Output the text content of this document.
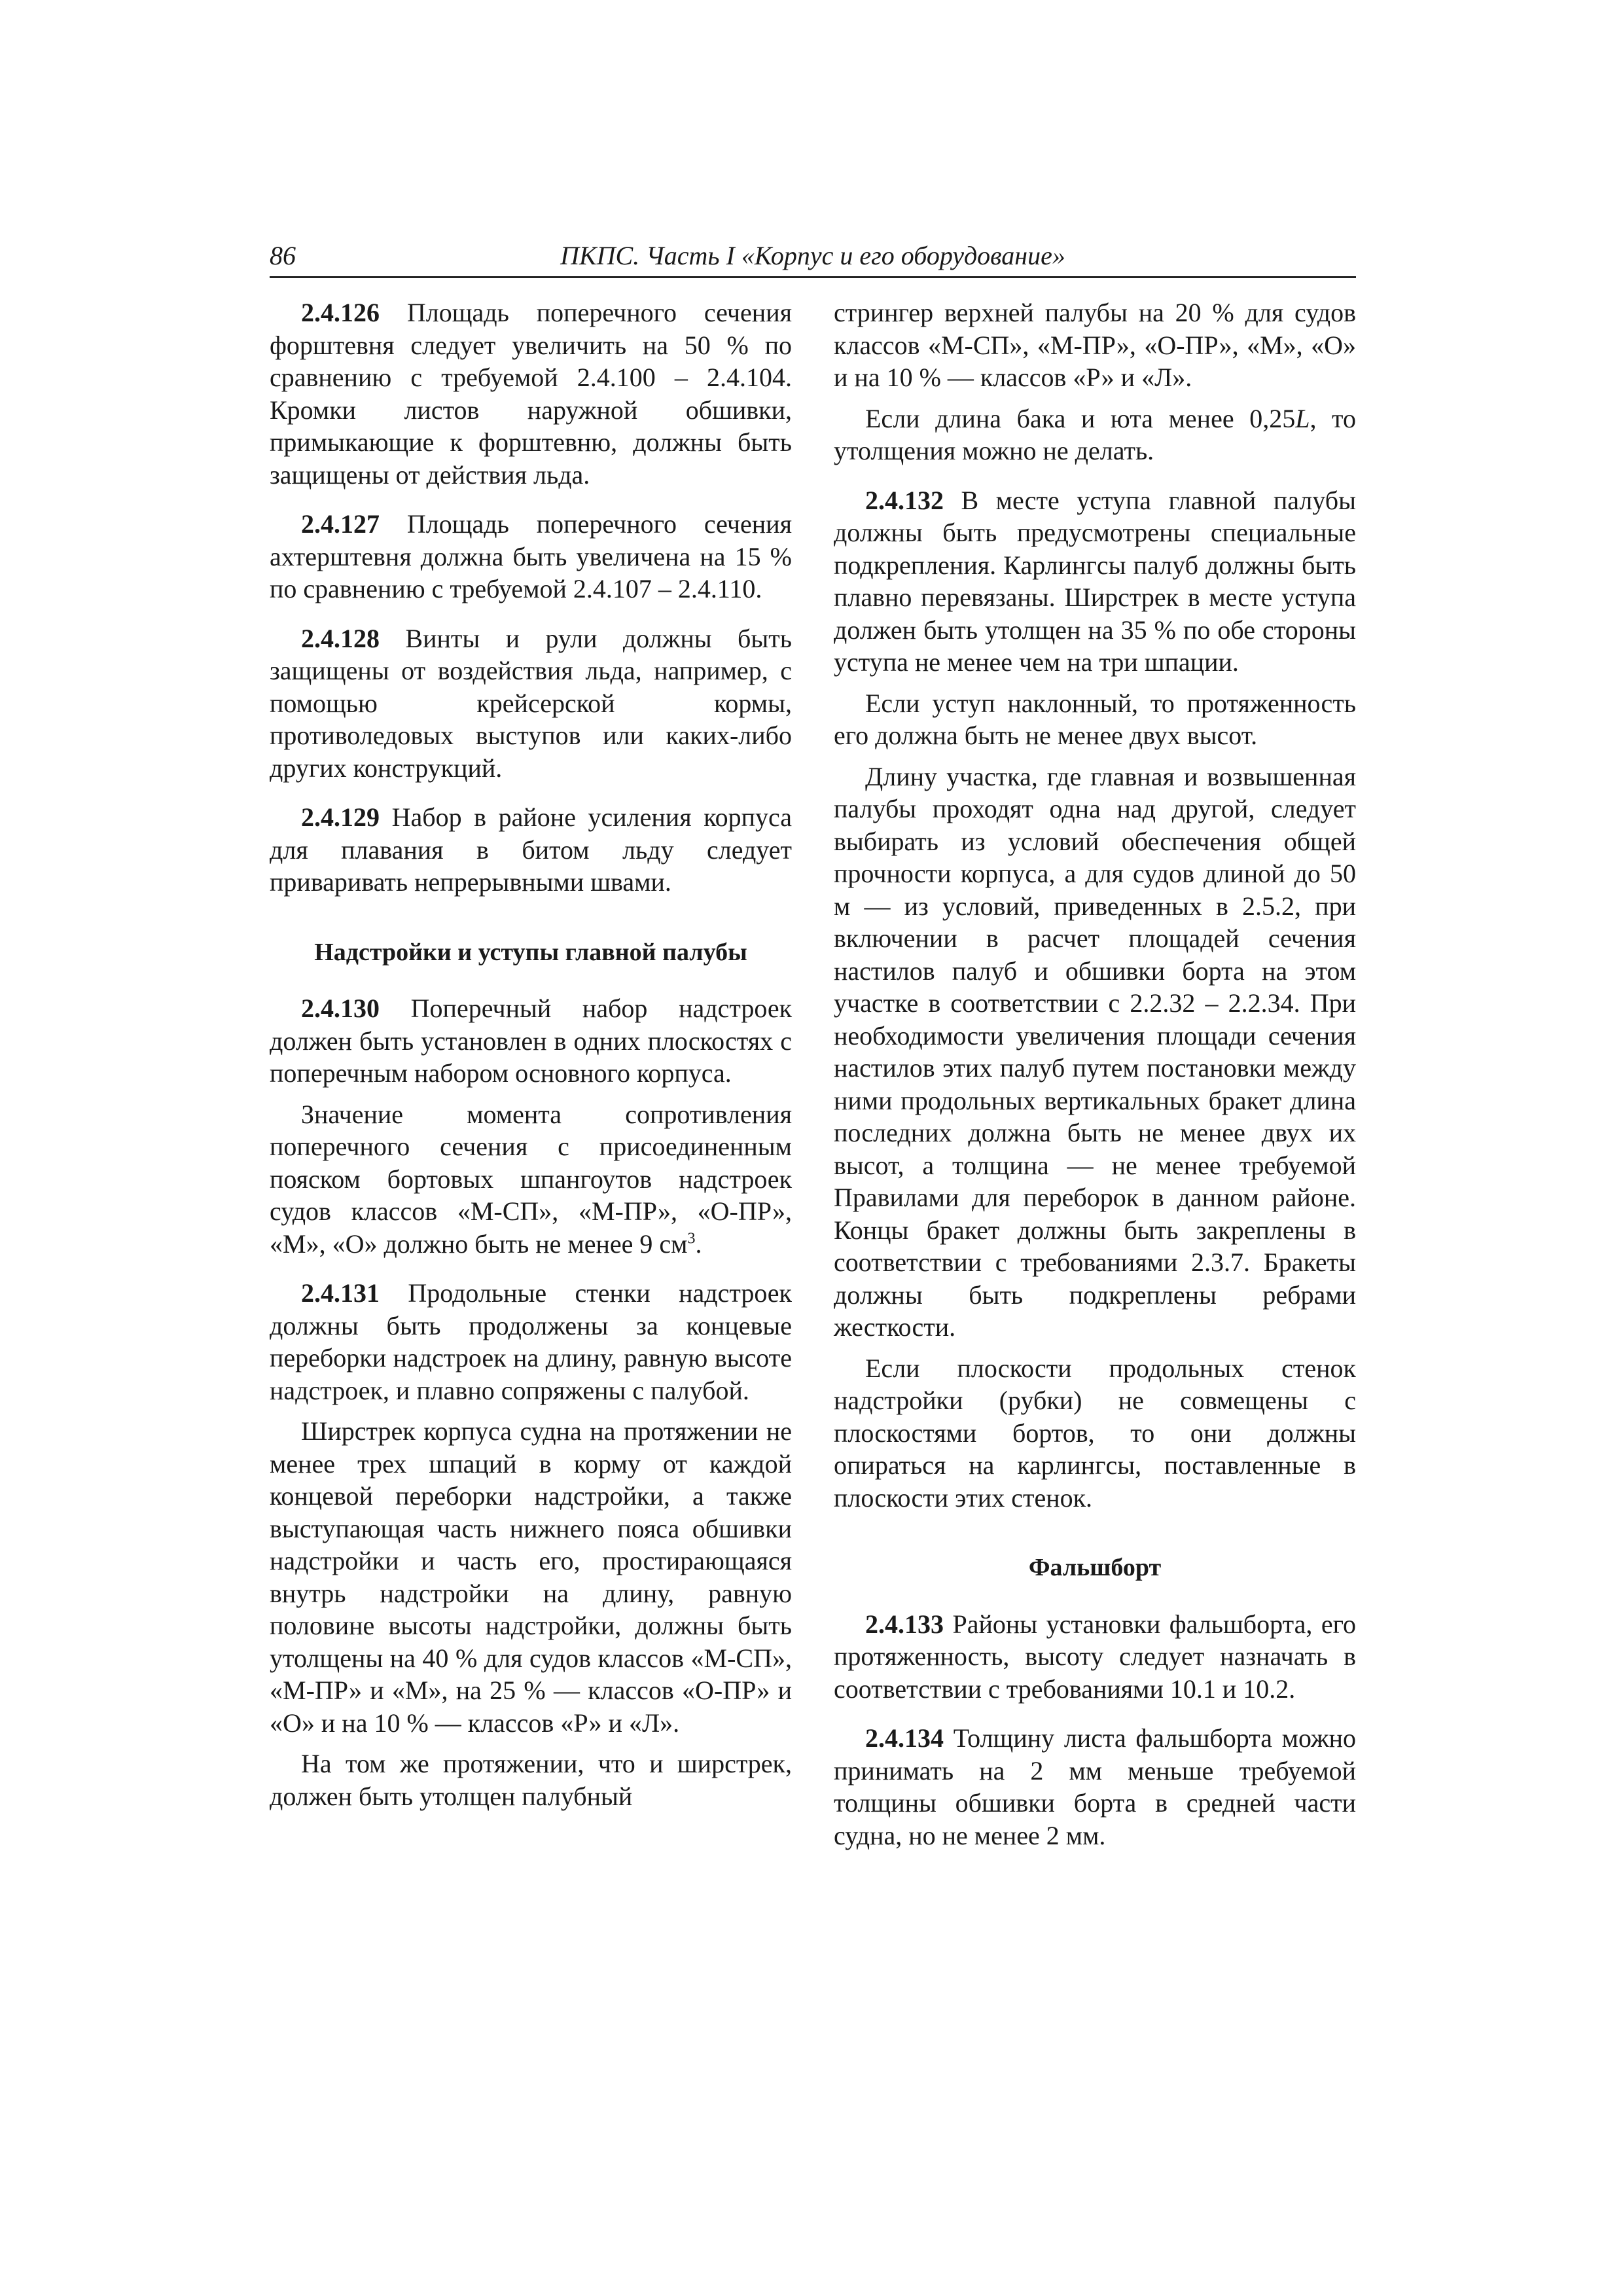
86	ПКПС. Часть I «Корпус и его оборудование»

2.4.126 Площадь поперечного сечения форштевня следует увеличить на 50 % по сравнению с требуемой 2.4.100 – 2.4.104. Кромки листов наружной обшивки, примыкающие к форштевню, должны быть защищены от действия льда.

2.4.127 Площадь поперечного сечения ахтерштевня должна быть увеличена на 15 % по сравнению с требуемой 2.4.107 – 2.4.110.

2.4.128 Винты и рули должны быть защищены от воздействия льда, например, с помощью крейсерской кормы, противоледовых выступов или каких-либо других конструкций.

2.4.129 Набор в районе усиления корпуса для плавания в битом льду следует приваривать непрерывными швами.

Надстройки и уступы главной палубы

2.4.130 Поперечный набор надстроек должен быть установлен в одних плоскостях с поперечным набором основного корпуса.

Значение момента сопротивления поперечного сечения с присоединенным пояском бортовых шпангоутов надстроек судов классов «М-СП», «М-ПР», «О-ПР», «М», «О» должно быть не менее 9 $см^3$.

2.4.131 Продольные стенки надстроек должны быть продолжены за концевые переборки надстроек на длину, равную высоте надстроек, и плавно сопряжены с палубой.

Ширстрек корпуса судна на протяжении не менее трех шпаций в корму от каждой концевой переборки надстройки, а также выступающая часть нижнего пояса обшивки надстройки и часть его, простирающаяся внутрь надстройки на длину, равную половине высоты надстройки, должны быть утолщены на 40 % для судов классов «М-СП», «М-ПР» и «М», на 25 % — классов «О-ПР» и «О» и на 10 % — классов «Р» и «Л».

На том же протяжении, что и ширстрек, должен быть утолщен палубный

стрингер верхней палубы на 20 % для судов классов «М-СП», «М-ПР», «О-ПР», «М», «О» и на 10 % — классов «Р» и «Л».

Если длина бака и юта менее 0,25L, то утолщения можно не делать.

2.4.132 В месте уступа главной палубы должны быть предусмотрены специальные подкрепления. Карлингсы палуб должны быть плавно перевязаны. Ширстрек в месте уступа должен быть утолщен на 35 % по обе стороны уступа не менее чем на три шпации.

Если уступ наклонный, то протяженность его должна быть не менее двух высот.

Длину участка, где главная и возвышенная палубы проходят одна над другой, следует выбирать из условий обеспечения общей прочности корпуса, а для судов длиной до 50 м — из условий, приведенных в 2.5.2, при включении в расчет площадей сечения настилов палуб и обшивки борта на этом участке в соответствии с 2.2.32 – 2.2.34. При необходимости увеличения площади сечения настилов этих палуб путем постановки между ними продольных вертикальных бракет длина последних должна быть не менее двух их высот, а толщина — не менее требуемой Правилами для переборок в данном районе. Концы бракет должны быть закреплены в соответствии с требованиями 2.3.7. Бракеты должны быть подкреплены ребрами жесткости.

Если плоскости продольных стенок надстройки (рубки) не совмещены с плоскостями бортов, то они должны опираться на карлингсы, поставленные в плоскости этих стенок.

Фальшборт

2.4.133 Районы установки фальшборта, его протяженность, высоту следует назначать в соответствии с требованиями 10.1 и 10.2.

2.4.134 Толщину листа фальшборта можно принимать на 2 мм меньше требуемой толщины обшивки борта в средней части судна, но не менее 2 мм.
